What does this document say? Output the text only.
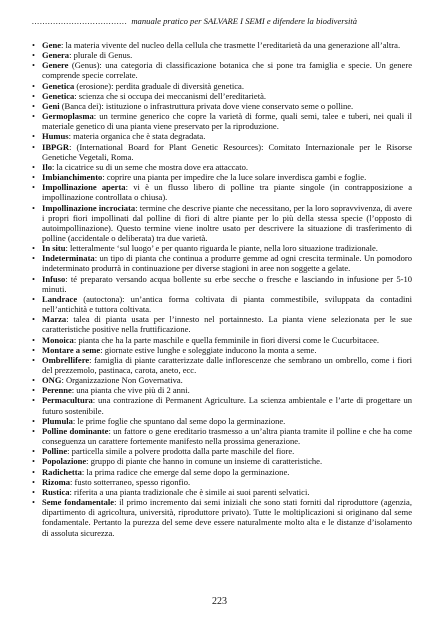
.................................... manuale pratico per SALVARE I SEMI e difendere la biodiversità
• Gene: la materia vivente del nucleo della cellula che trasmette l’ereditarietà da una generazione all’altra.
• Genera: plurale di Genus.
• Genere (Genus): una categoria di classificazione botanica che si pone tra famiglia e specie. Un genere comprende specie correlate.
• Genetica (erosione): perdita graduale di diversità genetica.
• Genetica: scienza che si occupa dei meccanismi dell’ereditarietà.
• Geni (Banca dei): istituzione o infrastruttura privata dove viene conservato seme o polline.
• Germoplasma: un termine generico che copre la varietà di forme, quali semi, talee e tuberi, nei quali il materiale genetico di una pianta viene preservato per la riproduzione.
• Humus: materia organica che è stata degradata.
• IBPGR: (International Board for Plant Genetic Resources): Comitato Internazionale per le Risorse Genetiche Vegetali, Roma.
• Ilo: la cicatrice su di un seme che mostra dove era attaccato.
• Imbianchimento: coprire una pianta per impedire che la luce solare inverdisca gambi e foglie.
• Impollinazione aperta: vi è un flusso libero di polline tra piante singole (in contrapposizione a impollinazione controllata o chiusa).
• Impollinazione incrociata: termine che descrive piante che necessitano, per la loro sopravvivenza, di avere i propri fiori impollinati dal polline di fiori di altre piante per lo più della stessa specie (l’opposto di autoimpollinazione). Questo termine viene inoltre usato per descrivere la situazione di trasferimento di polline (accidentale o deliberata) tra due varietà.
• In situ: letteralmente ‘sul luogo’ e per quanto riguarda le piante, nella loro situazione tradizionale.
• Indeterminata: un tipo di pianta che continua a produrre gemme ad ogni crescita terminale. Un pomodoro indeterminato produrrà in continuazione per diverse stagioni in aree non soggette a gelate.
• Infuso: té preparato versando acqua bollente su erbe secche o fresche e lasciando in infusione per 5-10 minuti.
• Landrace (autoctona): un’antica forma coltivata di pianta commestibile, sviluppata da contadini nell’antichità e tuttora coltivata.
• Marza: talea di pianta usata per l’innesto nel portainnesto. La pianta viene selezionata per le sue caratteristiche positive nella fruttificazione.
• Monoica: pianta che ha la parte maschile e quella femminile in fiori diversi come le Cucurbitacee.
• Montare a seme: giornate estive lunghe e soleggiate inducono la monta a seme.
• Ombrellifere: famiglia di piante caratterizzate dalle inflorescenze che sembrano un ombrello, come i fiori del prezzemolo, pastinaca, carota, aneto, ecc.
• ONG: Organizzazione Non Governativa.
• Perenne: una pianta che vive più di 2 anni.
• Permacultura: una contrazione di Permanent Agriculture. La scienza ambientale e l’arte di progettare un futuro sostenibile.
• Plumula: le prime foglie che spuntano dal seme dopo la germinazione.
• Polline dominante: un fattore o gene ereditario trasmesso a un’altra pianta tramite il polline e che ha come conseguenza un carattere fortemente manifesto nella prossima generazione.
• Polline: particella simile a polvere prodotta dalla parte maschile del fiore.
• Popolazione: gruppo di piante che hanno in comune un insieme di caratteristiche.
• Radichetta: la prima radice che emerge dal seme dopo la germinazione.
• Rizoma: fusto sotterraneo, spesso rigonfio.
• Rustica: riferita a una pianta tradizionale che è simile ai suoi parenti selvatici.
• Seme fondamentale: il primo incremento dai semi iniziali che sono stati forniti dal riproduttore (agenzia, dipartimento di agricoltura, università, riproduttore privato). Tutte le moltiplicazioni si originano dal seme fondamentale. Pertanto la purezza del seme deve essere naturalmente molto alta e le distanze d’isolamento di assoluta sicurezza.
223
